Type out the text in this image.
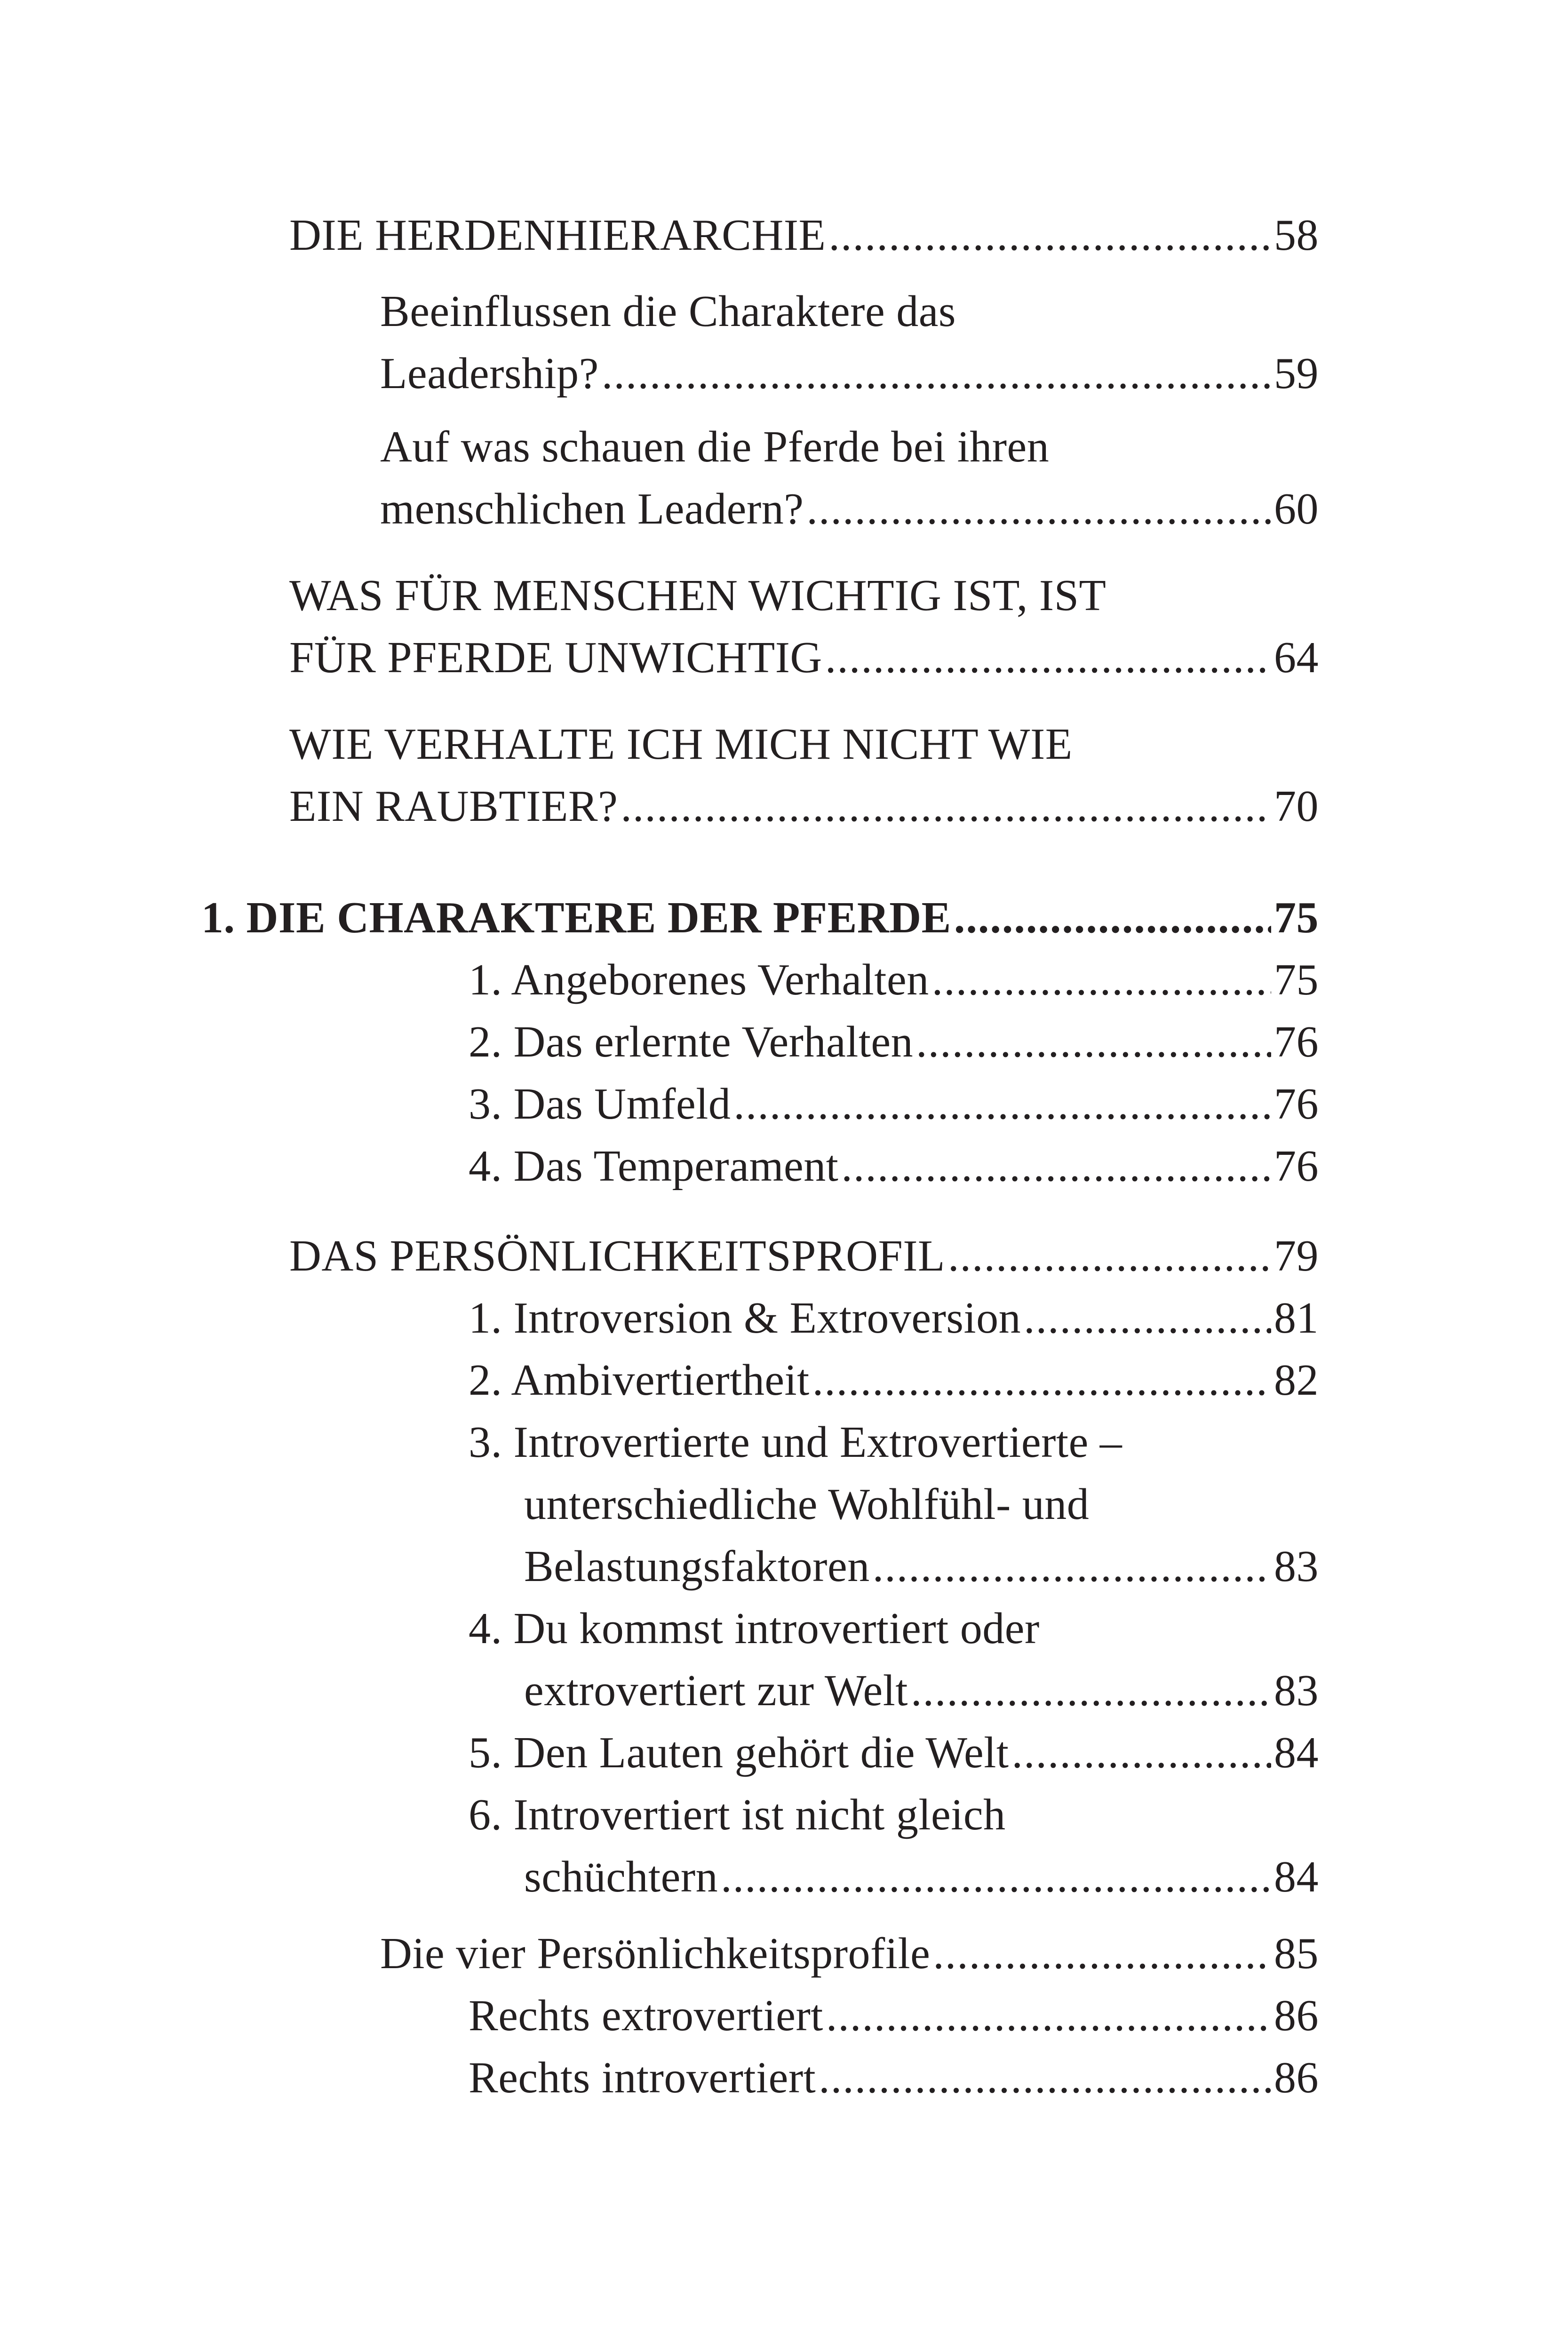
DIE HERDENHIERARCHIE .....	58
Beeinflussen die Charaktere das
Leadership? .....	59
Auf was schauen die Pferde bei ihren
menschlichen Leadern? .....	60
WAS FÜR MENSCHEN WICHTIG IST, IST
FÜR PFERDE UNWICHTIG .....	64
WIE VERHALTE ICH MICH NICHT WIE
EIN RAUBTIER? .....	70
1. DIE CHARAKTERE DER PFERDE .....	75
1. Angeborenes Verhalten .....	75
2. Das erlernte Verhalten .....	76
3. Das Umfeld .....	76
4. Das Temperament .....	76
DAS PERSÖNLICHKEITSPROFIL .....	79
1. Introversion & Extroversion .....	81
2. Ambivertiertheit .....	82
3. Introvertierte und Extrovertierte –
unterschiedliche Wohlfühl- und
Belastungsfaktoren .....	83
4. Du kommst introvertiert oder
extrovertiert zur Welt .....	83
5. Den Lauten gehört die Welt .....	84
6. Introvertiert ist nicht gleich
schüchtern .....	84
Die vier Persönlichkeitsprofile .....	85
Rechts extrovertiert .....	86
Rechts introvertiert .....	86
